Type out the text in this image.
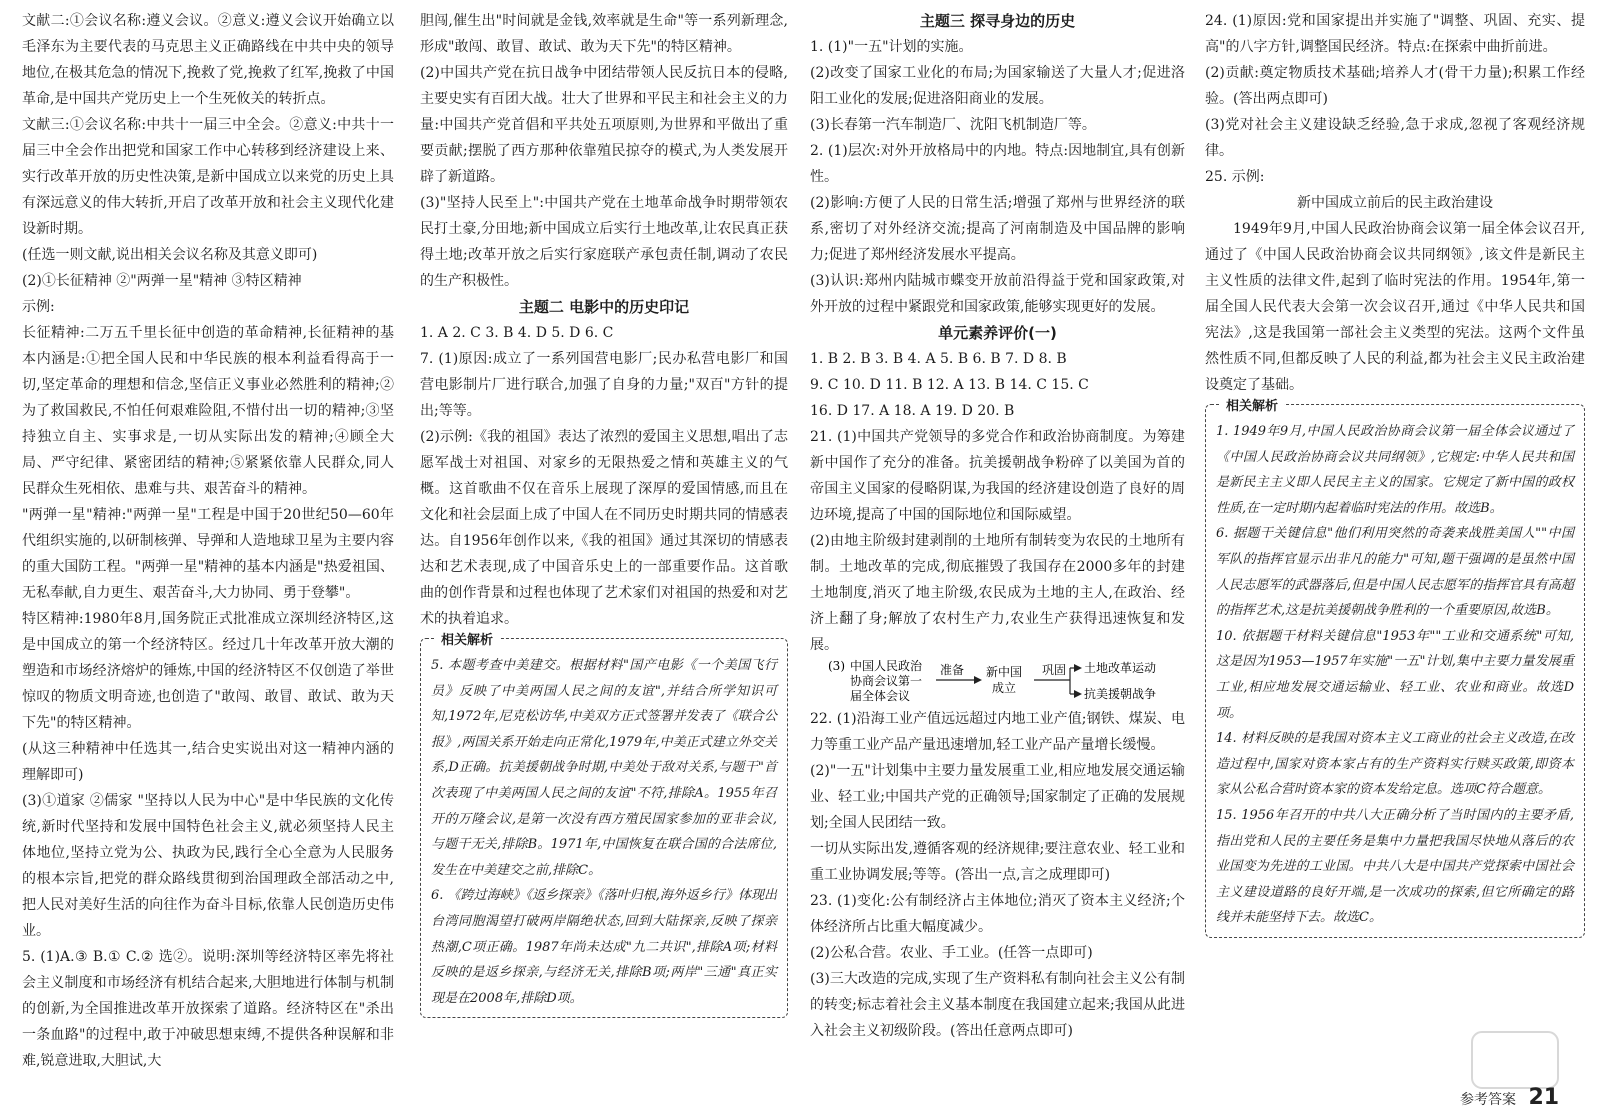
文献二:①会议名称:遵义会议。②意义:遵义会议开始确立以毛泽东为主要代表的马克思主义正确路线在中共中央的领导地位,在极其危急的情况下,挽救了党,挽救了红军,挽救了中国革命,是中国共产党历史上一个生死攸关的转折点。

文献三:①会议名称:中共十一届三中全会。②意义:中共十一届三中全会作出把党和国家工作中心转移到经济建设上来、实行改革开放的历史性决策,是新中国成立以来党的历史上具有深远意义的伟大转折,开启了改革开放和社会主义现代化建设新时期。

(任选一则文献,说出相关会议名称及其意义即可)

(2)①长征精神 ②"两弹一星"精神 ③特区精神

示例:

长征精神:二万五千里长征中创造的革命精神,长征精神的基本内涵是:①把全国人民和中华民族的根本利益看得高于一切,坚定革命的理想和信念,坚信正义事业必然胜利的精神;②为了救国救民,不怕任何艰难险阻,不惜付出一切的精神;③坚持独立自主、实事求是,一切从实际出发的精神;④顾全大局、严守纪律、紧密团结的精神;⑤紧紧依靠人民群众,同人民群众生死相依、患难与共、艰苦奋斗的精神。

"两弹一星"精神:"两弹一星"工程是中国于20世纪50—60年代组织实施的,以研制核弹、导弹和人造地球卫星为主要内容的重大国防工程。"两弹一星"精神的基本内涵是"热爱祖国、无私奉献,自力更生、艰苦奋斗,大力协同、勇于登攀"。

特区精神:1980年8月,国务院正式批准成立深圳经济特区,这是中国成立的第一个经济特区。经过几十年改革开放大潮的塑造和市场经济熔炉的锤炼,中国的经济特区不仅创造了举世惊叹的物质文明奇迹,也创造了"敢闯、敢冒、敢试、敢为天下先"的特区精神。

(从这三种精神中任选其一,结合史实说出对这一精神内涵的理解即可)

(3)①道家 ②儒家 "坚持以人民为中心"是中华民族的文化传统,新时代坚持和发展中国特色社会主义,就必须坚持人民主体地位,坚持立党为公、执政为民,践行全心全意为人民服务的根本宗旨,把党的群众路线贯彻到治国理政全部活动之中,把人民对美好生活的向往作为奋斗目标,依靠人民创造历史伟业。

5. (1)A.③ B.① C.② 选②。说明:深圳等经济特区率先将社会主义制度和市场经济有机结合起来,大胆地进行体制与机制的创新,为全国推进改革开放探索了道路。经济特区在"杀出一条血路"的过程中,敢于冲破思想束缚,不提供各种误解和非难,锐意进取,大胆试,大

胆闯,催生出"时间就是金钱,效率就是生命"等一系列新理念,形成"敢闯、敢冒、敢试、敢为天下先"的特区精神。

(2)中国共产党在抗日战争中团结带领人民反抗日本的侵略,主要史实有百团大战。壮大了世界和平民主和社会主义的力量:中国共产党首倡和平共处五项原则,为世界和平做出了重要贡献;摆脱了西方那种依靠殖民掠夺的模式,为人类发展开辟了新道路。

(3)"坚持人民至上":中国共产党在土地革命战争时期带领农民打土豪,分田地;新中国成立后实行土地改革,让农民真正获得土地;改革开放之后实行家庭联产承包责任制,调动了农民的生产积极性。

主题二 电影中的历史印记

1. A 2. C 3. B 4. D 5. D 6. C

7. (1)原因:成立了一系列国营电影厂;民办私营电影厂和国营电影制片厂进行联合,加强了自身的力量;"双百"方针的提出;等等。

(2)示例:《我的祖国》表达了浓烈的爱国主义思想,唱出了志愿军战士对祖国、对家乡的无限热爱之情和英雄主义的气概。这首歌曲不仅在音乐上展现了深厚的爱国情感,而且在文化和社会层面上成了中国人在不同历史时期共同的情感表达。自1956年创作以来,《我的祖国》通过其深切的情感表达和艺术表现,成了中国音乐史上的一部重要作品。这首歌曲的创作背景和过程也体现了艺术家们对祖国的热爱和对艺术的执着追求。

相关解析

5. 本题考查中美建交。根据材料"国产电影《一个美国飞行员》反映了中美两国人民之间的友谊",并结合所学知识可知,1972年,尼克松访华,中美双方正式签署并发表了《联合公报》,两国关系开始走向正常化,1979年,中美正式建立外交关系,D正确。抗美援朝战争时期,中美处于敌对关系,与题干"首次表现了中美两国人民之间的友谊"不符,排除A。1955年召开的万隆会议,是第一次没有西方殖民国家参加的亚非会议,与题干无关,排除B。1971年,中国恢复在联合国的合法席位,发生在中美建交之前,排除C。

6. 《跨过海峡》《返乡探亲》《落叶归根,海外返乡行》体现出台湾同胞渴望打破两岸隔绝状态,回到大陆探亲,反映了探亲热潮,C项正确。1987年尚未达成"九二共识",排除A项;材料反映的是返乡探亲,与经济无关,排除B项;两岸"三通"真正实现是在2008年,排除D项。

主题三 探寻身边的历史

1. (1)"一五"计划的实施。

(2)改变了国家工业化的布局;为国家输送了大量人才;促进洛阳工业化的发展;促进洛阳商业的发展。

(3)长春第一汽车制造厂、沈阳飞机制造厂等。

2. (1)层次:对外开放格局中的内地。特点:因地制宜,具有创新性。

(2)影响:方便了人民的日常生活;增强了郑州与世界经济的联系,密切了对外经济交流;提高了河南制造及中国品牌的影响力;促进了郑州经济发展水平提高。

(3)认识:郑州内陆城市蝶变开放前沿得益于党和国家政策,对外开放的过程中紧跟党和国家政策,能够实现更好的发展。

单元素养评价(一)

1. B 2. B 3. B 4. A 5. B 6. B 7. D 8. B

9. C 10. D 11. B 12. A 13. B 14. C 15. C

16. D 17. A 18. A 19. D 20. B

21. (1)中国共产党领导的多党合作和政治协商制度。为筹建新中国作了充分的准备。抗美援朝战争粉碎了以美国为首的帝国主义国家的侵略阴谋,为我国的经济建设创造了良好的周边环境,提高了中国的国际地位和国际威望。

(2)由地主阶级封建剥削的土地所有制转变为农民的土地所有制。土地改革的完成,彻底摧毁了我国存在2000多年的封建土地制度,消灭了地主阶级,农民成为土地的主人,在政治、经济上翻了身;解放了农村生产力,农业生产获得迅速恢复和发展。

(3) 中国人民政治
协商会议第一
届全体会议
准备 新中国
成立
巩固 土地改革运动
抗美援朝战争

22. (1)沿海工业产值远远超过内地工业产值;钢铁、煤炭、电力等重工业产品产量迅速增加,轻工业产品产量增长缓慢。

(2)"一五"计划集中主要力量发展重工业,相应地发展交通运输业、轻工业;中国共产党的正确领导;国家制定了正确的发展规划;全国人民团结一致。

一切从实际出发,遵循客观的经济规律;要注意农业、轻工业和重工业协调发展;等等。(答出一点,言之成理即可)

23. (1)变化:公有制经济占主体地位;消灭了资本主义经济;个体经济所占比重大幅度减少。

(2)公私合营。农业、手工业。(任答一点即可)

(3)三大改造的完成,实现了生产资料私有制向社会主义公有制的转变;标志着社会主义基本制度在我国建立起来;我国从此进入社会主义初级阶段。(答出任意两点即可)

24. (1)原因:党和国家提出并实施了"调整、巩固、充实、提高"的八字方针,调整国民经济。特点:在探索中曲折前进。

(2)贡献:奠定物质技术基础;培养人才(骨干力量);积累工作经验。(答出两点即可)

(3)党对社会主义建设缺乏经验,急于求成,忽视了客观经济规律。

25. 示例:

新中国成立前后的民主政治建设

1949年9月,中国人民政治协商会议第一届全体会议召开,通过了《中国人民政治协商会议共同纲领》,该文件是新民主主义性质的法律文件,起到了临时宪法的作用。1954年,第一届全国人民代表大会第一次会议召开,通过《中华人民共和国宪法》,这是我国第一部社会主义类型的宪法。这两个文件虽然性质不同,但都反映了人民的利益,都为社会主义民主政治建设奠定了基础。

相关解析

1. 1949年9月,中国人民政治协商会议第一届全体会议通过了《中国人民政治协商会议共同纲领》,它规定:中华人民共和国是新民主主义即人民民主主义的国家。它规定了新中国的政权性质,在一定时期内起着临时宪法的作用。故选B。

6. 据题干关键信息"他们利用突然的奇袭来战胜美国人""中国军队的指挥官显示出非凡的能力"可知,题干强调的是虽然中国人民志愿军的武器落后,但是中国人民志愿军的指挥官具有高超的指挥艺术,这是抗美援朝战争胜利的一个重要原因,故选B。

10. 依据题干材料关键信息"1953年""工业和交通系统"可知,这是因为1953—1957年实施"一五"计划,集中主要力量发展重工业,相应地发展交通运输业、轻工业、农业和商业。故选D项。

14. 材料反映的是我国对资本主义工商业的社会主义改造,在改造过程中,国家对资本家占有的生产资料实行赎买政策,即资本家从公私合营时资本家的资本发给定息。选项C符合题意。

15. 1956年召开的中共八大正确分析了当时国内的主要矛盾,指出党和人民的主要任务是集中力量把我国尽快地从落后的农业国变为先进的工业国。中共八大是中国共产党探索中国社会主义建设道路的良好开端,是一次成功的探索,但它所确定的路线并未能坚持下去。故选C。

参考答案 21
